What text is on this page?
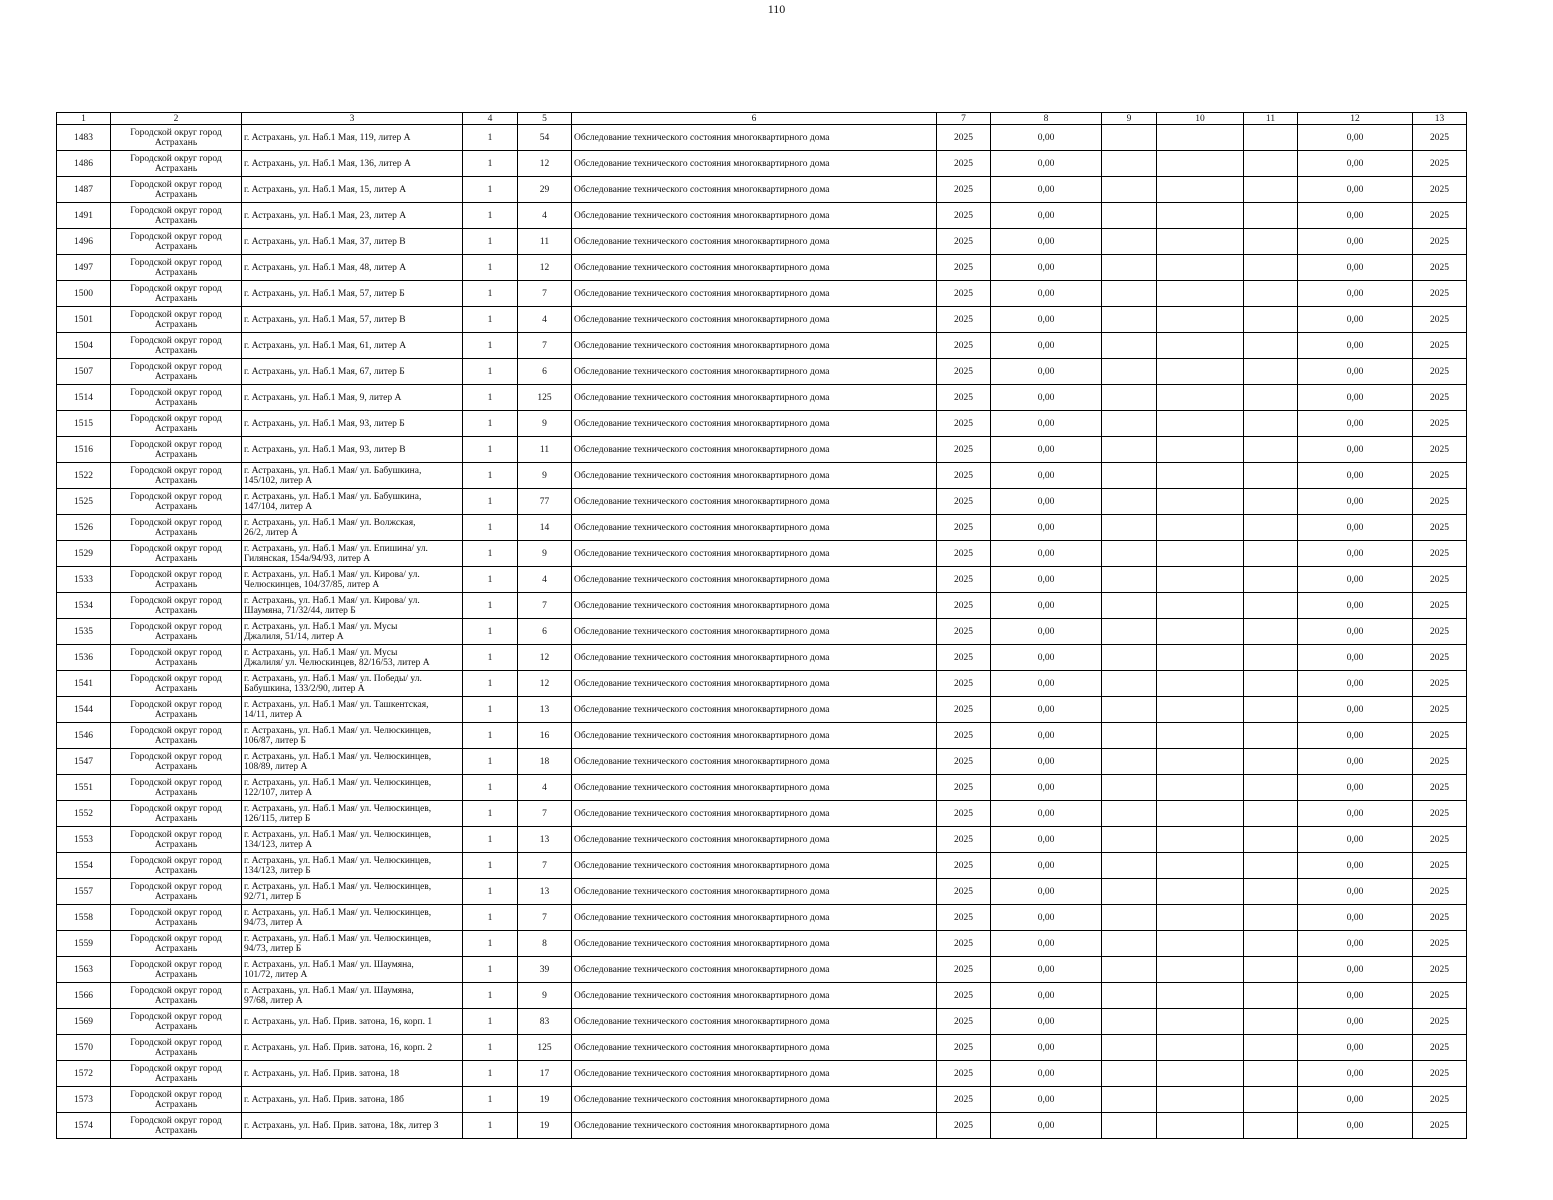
110
1	2	3	4	5	6	7	8	9	10	11	12	13
1483	Городской округ город
Астрахань	г. Астрахань, ул. Наб.1 Мая, 119, литер А	1	54	Обследование технического состояния многоквартирного дома	2025	0,00				0,00	2025
1486	Городской округ город
Астрахань	г. Астрахань, ул. Наб.1 Мая, 136, литер А	1	12	Обследование технического состояния многоквартирного дома	2025	0,00				0,00	2025
1487	Городской округ город
Астрахань	г. Астрахань, ул. Наб.1 Мая, 15, литер А	1	29	Обследование технического состояния многоквартирного дома	2025	0,00				0,00	2025
1491	Городской округ город
Астрахань	г. Астрахань, ул. Наб.1 Мая, 23, литер А	1	4	Обследование технического состояния многоквартирного дома	2025	0,00				0,00	2025
1496	Городской округ город
Астрахань	г. Астрахань, ул. Наб.1 Мая, 37, литер В	1	11	Обследование технического состояния многоквартирного дома	2025	0,00				0,00	2025
1497	Городской округ город
Астрахань	г. Астрахань, ул. Наб.1 Мая, 48, литер А	1	12	Обследование технического состояния многоквартирного дома	2025	0,00				0,00	2025
1500	Городской округ город
Астрахань	г. Астрахань, ул. Наб.1 Мая, 57, литер Б	1	7	Обследование технического состояния многоквартирного дома	2025	0,00				0,00	2025
1501	Городской округ город
Астрахань	г. Астрахань, ул. Наб.1 Мая, 57, литер В	1	4	Обследование технического состояния многоквартирного дома	2025	0,00				0,00	2025
1504	Городской округ город
Астрахань	г. Астрахань, ул. Наб.1 Мая, 61, литер А	1	7	Обследование технического состояния многоквартирного дома	2025	0,00				0,00	2025
1507	Городской округ город
Астрахань	г. Астрахань, ул. Наб.1 Мая, 67, литер Б	1	6	Обследование технического состояния многоквартирного дома	2025	0,00				0,00	2025
1514	Городской округ город
Астрахань	г. Астрахань, ул. Наб.1 Мая, 9, литер А	1	125	Обследование технического состояния многоквартирного дома	2025	0,00				0,00	2025
1515	Городской округ город
Астрахань	г. Астрахань, ул. Наб.1 Мая, 93, литер Б	1	9	Обследование технического состояния многоквартирного дома	2025	0,00				0,00	2025
1516	Городской округ город
Астрахань	г. Астрахань, ул. Наб.1 Мая, 93, литер В	1	11	Обследование технического состояния многоквартирного дома	2025	0,00				0,00	2025
1522	Городской округ город
Астрахань	г. Астрахань, ул. Наб.1 Мая/ ул. Бабушкина,
145/102, литер А	1	9	Обследование технического состояния многоквартирного дома	2025	0,00				0,00	2025
1525	Городской округ город
Астрахань	г. Астрахань, ул. Наб.1 Мая/ ул. Бабушкина,
147/104, литер А	1	77	Обследование технического состояния многоквартирного дома	2025	0,00				0,00	2025
1526	Городской округ город
Астрахань	г. Астрахань, ул. Наб.1 Мая/ ул. Волжская,
26/2, литер А	1	14	Обследование технического состояния многоквартирного дома	2025	0,00				0,00	2025
1529	Городской округ город
Астрахань	г. Астрахань, ул. Наб.1 Мая/ ул. Епишина/ ул.
Гилянская, 154а/94/93, литер А	1	9	Обследование технического состояния многоквартирного дома	2025	0,00				0,00	2025
1533	Городской округ город
Астрахань	г. Астрахань, ул. Наб.1 Мая/ ул. Кирова/ ул.
Челюскинцев, 104/37/85, литер А	1	4	Обследование технического состояния многоквартирного дома	2025	0,00				0,00	2025
1534	Городской округ город
Астрахань	г. Астрахань, ул. Наб.1 Мая/ ул. Кирова/ ул.
Шаумяна, 71/32/44, литер Б	1	7	Обследование технического состояния многоквартирного дома	2025	0,00				0,00	2025
1535	Городской округ город
Астрахань	г. Астрахань, ул. Наб.1 Мая/ ул. Мусы
Джалиля, 51/14, литер А	1	6	Обследование технического состояния многоквартирного дома	2025	0,00				0,00	2025
1536	Городской округ город
Астрахань	г. Астрахань, ул. Наб.1 Мая/ ул. Мусы
Джалиля/ ул. Челюскинцев, 82/16/53, литер А	1	12	Обследование технического состояния многоквартирного дома	2025	0,00				0,00	2025
1541	Городской округ город
Астрахань	г. Астрахань, ул. Наб.1 Мая/ ул. Победы/ ул.
Бабушкина, 133/2/90, литер А	1	12	Обследование технического состояния многоквартирного дома	2025	0,00				0,00	2025
1544	Городской округ город
Астрахань	г. Астрахань, ул. Наб.1 Мая/ ул. Ташкентская,
14/11, литер А	1	13	Обследование технического состояния многоквартирного дома	2025	0,00				0,00	2025
1546	Городской округ город
Астрахань	г. Астрахань, ул. Наб.1 Мая/ ул. Челюскинцев,
106/87, литер Б	1	16	Обследование технического состояния многоквартирного дома	2025	0,00				0,00	2025
1547	Городской округ город
Астрахань	г. Астрахань, ул. Наб.1 Мая/ ул. Челюскинцев,
108/89, литер А	1	18	Обследование технического состояния многоквартирного дома	2025	0,00				0,00	2025
1551	Городской округ город
Астрахань	г. Астрахань, ул. Наб.1 Мая/ ул. Челюскинцев,
122/107, литер А	1	4	Обследование технического состояния многоквартирного дома	2025	0,00				0,00	2025
1552	Городской округ город
Астрахань	г. Астрахань, ул. Наб.1 Мая/ ул. Челюскинцев,
126/115, литер Б	1	7	Обследование технического состояния многоквартирного дома	2025	0,00				0,00	2025
1553	Городской округ город
Астрахань	г. Астрахань, ул. Наб.1 Мая/ ул. Челюскинцев,
134/123, литер А	1	13	Обследование технического состояния многоквартирного дома	2025	0,00				0,00	2025
1554	Городской округ город
Астрахань	г. Астрахань, ул. Наб.1 Мая/ ул. Челюскинцев,
134/123, литер Б	1	7	Обследование технического состояния многоквартирного дома	2025	0,00				0,00	2025
1557	Городской округ город
Астрахань	г. Астрахань, ул. Наб.1 Мая/ ул. Челюскинцев,
92/71, литер Б	1	13	Обследование технического состояния многоквартирного дома	2025	0,00				0,00	2025
1558	Городской округ город
Астрахань	г. Астрахань, ул. Наб.1 Мая/ ул. Челюскинцев,
94/73, литер А	1	7	Обследование технического состояния многоквартирного дома	2025	0,00				0,00	2025
1559	Городской округ город
Астрахань	г. Астрахань, ул. Наб.1 Мая/ ул. Челюскинцев,
94/73, литер Б	1	8	Обследование технического состояния многоквартирного дома	2025	0,00				0,00	2025
1563	Городской округ город
Астрахань	г. Астрахань, ул. Наб.1 Мая/ ул. Шаумяна,
101/72, литер А	1	39	Обследование технического состояния многоквартирного дома	2025	0,00				0,00	2025
1566	Городской округ город
Астрахань	г. Астрахань, ул. Наб.1 Мая/ ул. Шаумяна,
97/68, литер А	1	9	Обследование технического состояния многоквартирного дома	2025	0,00				0,00	2025
1569	Городской округ город
Астрахань	г. Астрахань, ул. Наб. Прив. затона, 16, корп. 1	1	83	Обследование технического состояния многоквартирного дома	2025	0,00				0,00	2025
1570	Городской округ город
Астрахань	г. Астрахань, ул. Наб. Прив. затона, 16, корп. 2	1	125	Обследование технического состояния многоквартирного дома	2025	0,00				0,00	2025
1572	Городской округ город
Астрахань	г. Астрахань, ул. Наб. Прив. затона, 18	1	17	Обследование технического состояния многоквартирного дома	2025	0,00				0,00	2025
1573	Городской округ город
Астрахань	г. Астрахань, ул. Наб. Прив. затона, 18б	1	19	Обследование технического состояния многоквартирного дома	2025	0,00				0,00	2025
1574	Городской округ город
Астрахань	г. Астрахань, ул. Наб. Прив. затона, 18к, литер З	1	19	Обследование технического состояния многоквартирного дома	2025	0,00				0,00	2025
